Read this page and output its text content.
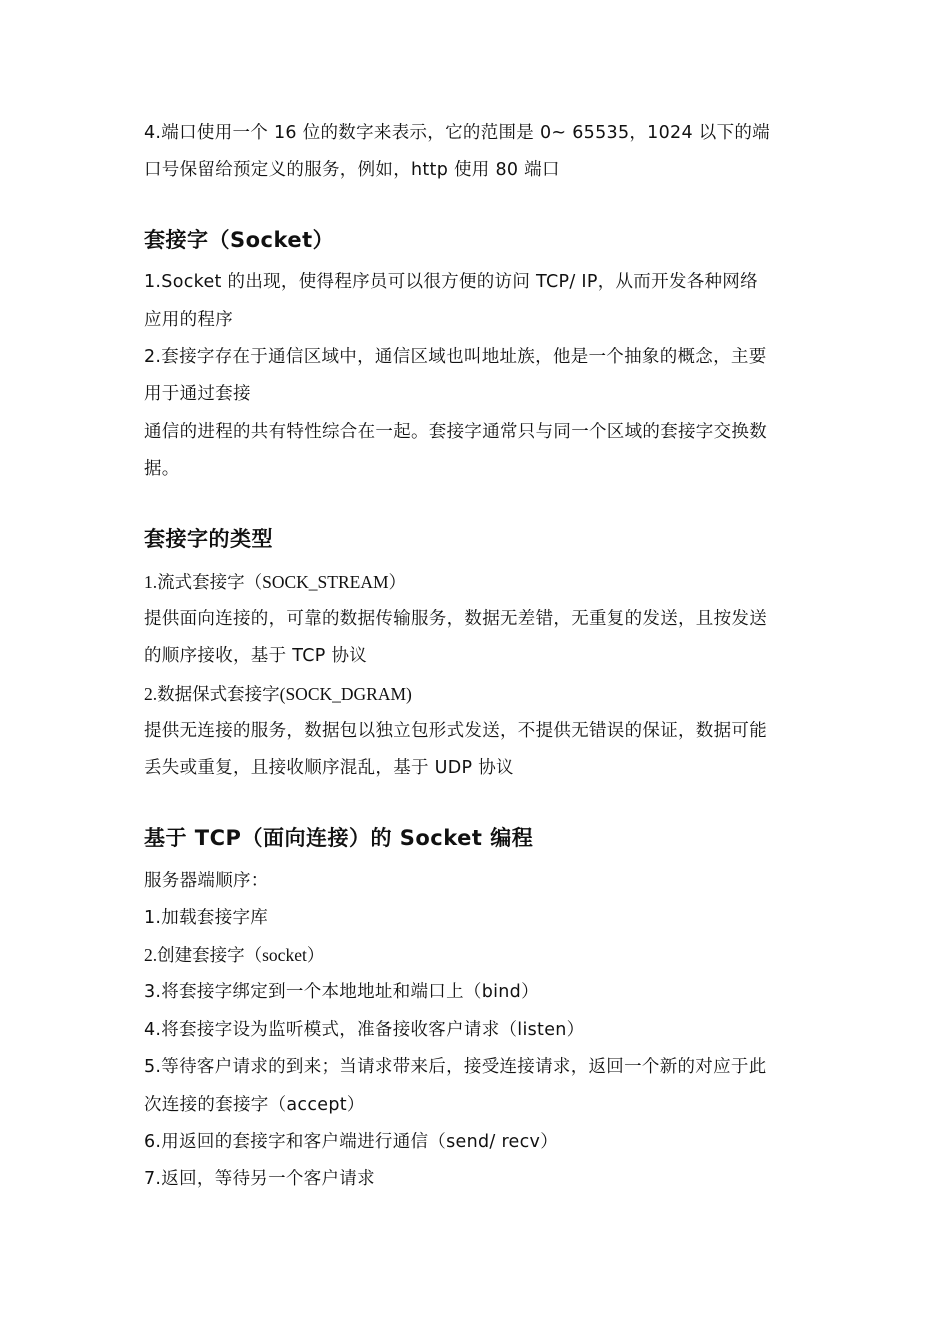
4.端口使用一个 16 位的数字来表示，它的范围是 0~ 65535，1024 以下的端
口号保留给预定义的服务，例如，http 使用 80 端口
套接字（Socket）
1.Socket 的出现，使得程序员可以很方便的访问 TCP/ IP，从而开发各种网络
应用的程序
2.套接字存在于通信区域中，通信区域也叫地址族，他是一个抽象的概念，主要
用于通过套接
通信的进程的共有特性综合在一起。套接字通常只与同一个区域的套接字交换数
据。
套接字的类型
1.流式套接字（SOCK_STREAM）
提供面向连接的，可靠的数据传输服务，数据无差错，无重复的发送，且按发送
的顺序接收，基于 TCP 协议
2.数据保式套接字(SOCK_DGRAM)
提供无连接的服务，数据包以独立包形式发送，不提供无错误的保证，数据可能
丢失或重复，且接收顺序混乱，基于 UDP 协议
基于 TCP（面向连接）的 Socket 编程
服务器端顺序：
1.加载套接字库
2.创建套接字（socket）
3.将套接字绑定到一个本地地址和端口上（bind）
4.将套接字设为监听模式，准备接收客户请求（listen）
5.等待客户请求的到来；当请求带来后，接受连接请求，返回一个新的对应于此
次连接的套接字（accept）
6.用返回的套接字和客户端进行通信（send/ recv）
7.返回，等待另一个客户请求
